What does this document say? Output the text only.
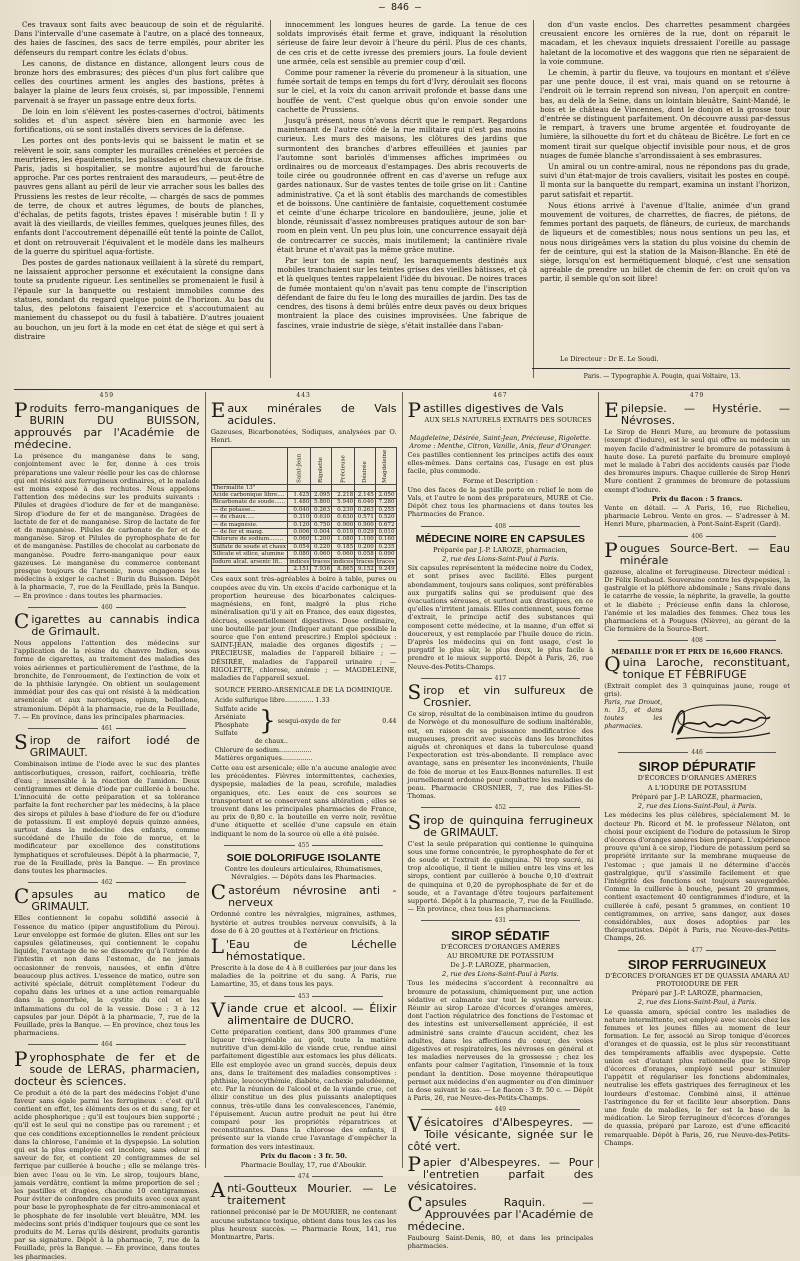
— 846 —

Ces travaux sont faits avec beaucoup de soin et de régularité. Dans l'intervalle d'une casemate à l'autre, on a placé des tonneaux, des haies de fascines, des sacs de terre empilés, pour abriter les défenseurs du rempart contre les éclats d'obus.

Les canons, de distance en distance, allongent leurs cous de bronze hors des embrasures; des pièces d'un plus fort calibre que celles des courtines arment les angles des bastions, prêtes à balayer la plaine de leurs feux croisés, si, par impossible, l'ennemi parvenait à se frayer un passage entre deux forts.

De loin en loin s'élèvent les postes-casernes d'octroi, bâtiments solides et d'un aspect sévère bien en harmonie avec les fortifications, où se sont installés divers services de la défense.

Les portes ont des ponts-levis qui se baissent le matin et se relèvent le soir, sans compter les murailles crénelées et percées de meurtrières, les épaulements, les palissades et les chevaux de frise. Paris, jadis si hospitalier, se montre aujourd'hui de farouche approche. Par ces portes rentraient des maraudeurs, — peut-être de pauvres gens allant au péril de leur vie arracher sous les balles des Prussiens les restes de leur récolte, — chargés de sacs de pommes de terre, de choux et autres légumes, de bouts de planches, d'échalas, de petits fagots, tristes épaves ! misérable butin ! Il y avait là des vieillards, de vieilles femmes, quelques jeunes filles, des enfants dont l'accoutrement dépenaillé eût tenté la pointe de Callot, et dont on retrouverait l'équivalent et le modèle dans les malheurs de la guerre du spirituel aqua-fortiste.

Des postes de gardes nationaux veillaient à la sûreté du rempart, ne laissaient approcher personne et exécutaient la consigne dans toute sa prudente rigueur. Les sentinelles se promenaient le fusil à l'épaule sur la banquette ou restaient immobiles comme des statues, sondant du regard quelque point de l'horizon. Au bas du talus, des pelotons faisaient l'exercice et s'accoutumaient au maniement du chassepot ou du fusil à tabatière. D'autres jouaient au bouchon, un jeu fort à la mode en cet état de siège et qui sert à distraire

innocemment les longues heures de garde. La tenue de ces soldats improvisés était ferme et grave, indiquant la résolution sérieuse de faire leur devoir à l'heure du péril. Plus de ces chants, de ces cris et de cette ivresse des premiers jours. La foule devient une armée, cela est sensible au premier coup d'œil.

Comme pour ramener la rêverie du promeneur à la situation, une fumée sortait de temps en temps du fort d'Ivry, déroulait ses flocons sur le ciel, et la voix du canon arrivait profonde et basse dans une bouffée de vent. C'est quelque obus qu'on envoie sonder une cachette de Prussiens.

Jusqu'à présent, nous n'avons décrit que le rempart. Regardons maintenant de l'autre côté de la rue militaire qui n'est pas moins curieux. Les murs des maisons, les clôtures des jardins que surmontent des branches d'arbres effeuillées et jaunies par l'automne sont bariolés d'immenses affiches imprimées ou ordinaires ou de morceaux d'estampages. Des abris recouverts de toile cirée ou goudronnée offrent en cas d'averse un refuge aux gardes nationaux. Sur de vastes tentes de toile grise on lit : Cantine administrative. Ça et là sont établis des marchands de comestibles et de boissons. Une cantinière de fantaisie, coquettement costumée et ceinte d'une écharpe tricolore en bandoulière, jeune, jolie et blonde, réunissait d'assez nombreuses pratiques autour de son bar-room en plein vent. Un peu plus loin, une concurrence essayait déjà de contrecarrer ce succès, mais inutilement; la cantinière rivale était brune et n'avait pas la même grâce mutine.

Par leur ton de sapin neuf, les baraquements destinés aux mobiles tranchaient sur les teintes grises des vieilles bâtisses, et çà et là quelques tentes rappelaient l'idée du bivouac. De noires traces de fumée montaient qu'on n'avait pas tenu compte de l'inscription défendant de faire du feu le long des murailles de jardin. Des tas de cendres, des tisons à demi brûlés entre deux pavés ou deux briques montraient la place des cuisines improvisées. Une fabrique de fascines, vraie industrie de siège, s'était installée dans l'aban-

don d'un vaste enclos. Des charrettes pesamment chargées creusaient encore les ornières de la rue, dont on réparait le macadam, et les chevaux inquiets dressaient l'oreille au passage haletant de la locomotive et des waggons que rien ne séparaient de la voie commune.

Le chemin, à partir du fleuve, va toujours en montant et s'élève par une pente douce, il est vrai, mais quand on se retourne à l'endroit où le terrain reprend son niveau, l'on aperçoit en contre-bas, au delà de la Seine, dans un lointain bleuâtre, Saint-Mandé, le bois et le château de Vincennes, dont le donjon et la grosse tour d'entrée se distinguent parfaitement. On découvre aussi par-dessus le rempart, à travers une brume argentée et foudroyante de lumière, la silhouette du fort et du château de Bicêtre. Le fort en ce moment tirait sur quelque objectif invisible pour nous, et de gros nuages de fumée blanche s'arrondissaient à ses embrasures.

Un amiral ou un contre-amiral, nous ne répondons pas du grade, suivi d'un état-major de trois cavaliers, visitait les postes en coupé. Il monta sur la banquette du rempart, examina un instant l'horizon, parut satisfait et repartit.

Nous étions arrivé à l'avenue d'Italie, animée d'un grand mouvement de voitures, de charrettes, de fiacres, de piétons, de femmes portant des paquets, de flâneurs, de curieux, de marchands de liqueurs et de comestibles; nous nous sentions un peu las, et nous nous dirigeâmes vers la station du plus voisine du chemin de fer de ceinture, qui est la station de la Maison-Blanche. En été de siège, lorsqu'on est hermétiquement bloqué, c'est une sensation agréable de prendre un billet de chemin de fer: on croit qu'on va partir, il semble qu'on soit libre!

Le Directeur : Dr E. Le Soudi.
Paris. — Typographie A. Pougin, quai Voltaire, 13.
459
Produits ferro-manganiques de BURIN DU BUISSON, approuvés par l'Académie de médecine.

La présence du manganèse dans le sang, conjointement avec le fer, donne à ces trois préparations une valeur réelle pour les cas de chlorose qui ont résisté aux ferrugineux ordinaires, et le malade est moins exposé à des rechutes. Nous appelons l'attention des médecins sur les produits suivants : Pilules et dragées d'iodure de fer et de manganèse. Sirop d'iodure de fer et de manganèse. Dragées de lactate de fer et de manganèse. Sirop de lactate de fer et de manganèse. Pilules de carbonate de fer et de manganèse. Sirop et Pilules de pyrophosphate de fer et de manganèse. Pastilles de chocolat au carbonate de manganèse. Poudre ferro-manganique pour eaux gazeuses. Le manganèse du commerce contenant presque toujours de l'arsenic, nous engageons les médecins à exiger le cachet : Burin du Buisson. Dépôt à la pharmacie, 7, rue de la Feuillade, près la Banque. — En province : dans toutes les pharmacies.

460
Cigarettes au cannabis indica de Grimault.

Nous appelons l'attention des médecins sur l'application de la résine du chanvre Indien, sous forme de cigarettes, au traitement des maladies des voies aériennes et particulièrement de l'asthme, de la bronchite, de l'enrouement, de l'extinction de voix et de la phthisie laryngée. On obtient un soulagement immédiat pour des cas qui ont résisté à la médication arsenicale et aux narcotiques, opium, belladone, stramonium. Dépôt à la pharmacie, rue de la Feuillade, 7. — En province, dans les principales pharmacies.

461
Sirop de raifort iodé de GRIMAULT.

Combinaison intime de l'iode avec le suc des plantes antiscorbutiques, cresson, raifort, cochlearia, trèfle d'eau ; insensible à la réaction de l'amidon. Deux centigrammes et demie d'iode par cuillerée à bouche. L'innocuité de cette préparation et sa tolérance parfaite la font rechercher par les médecins, à la place des sirops et pilules à base d'iodure de fer ou d'iodure de potassium. Il est employé depuis quinze années, surtout dans la médecine des enfants, comme succédané de l'huile de foie de morue, et le modificateur par excellence des constitutions lymphatiques et scrofuleuses. Dépôt à la pharmacie, 7, rue de la Feuillade, près la Banque. — En province dans toutes les pharmacies.

462
Capsules au matico de GRIMAULT.

Elles contiennent le copahu solidifié associé à l'essence du matico (piper angustifolium du Pérou). Leur enveloppe est formée de gluten. Elles ont sur les capsules gélatineuses, qui contiennent le copahu liquide, l'avantage de ne se dissoudre qu'à l'entrée de l'intestin et non dans l'estomac, de ne jamais occasionner de renvois, nausées, et enfin d'être beaucoup plus actives. L'essence de matico, outre son activité spéciale, détruit complètement l'odeur du copahu dans les urines et a une action remarquable dans la gonorrhée, la cystite du col et les inflammations du col de la vessie. Dose : 3 à 12 capsules par jour. Dépôt à la pharmacie, 7, rue de la Feuillade, près la Banque. — En province, chez tous les pharmaciens.

464
Pyrophosphate de fer et de soude de LERAS, pharmacien, docteur ès sciences.

Ce produit a été de la part des médecins l'objet d'une faveur sans égale parmi les ferrugineux : c'est qu'il contient en effet, les éléments des os et du sang, fer et acide phosphorique ; qu'il est toujours bien supporté ; qu'il est le seul qui ne constipe pas ou rarement ; et que ces conditions exceptionnelles le rendent précieux dans la chlorose, l'anémie et la dyspepsie. La solution qui est la plus employée est incolore, sans odeur ni saveur de fer, et contient 20 centigrammes de sel ferrique par cuillerée à bouche ; elle se mélange très-bien avec l'eau ou le vin. Le sirop, toujours blanc, jamais verdâtre, contient la même proportion de sel ; les pastilles et dragées, chacune 10 centigrammes. Pour éviter de confondre ces produits avec ceux ayant pour base le pyrophosphate de fer citro-ammoniacal et le phosphate de fer insoluble vert bleuâtre, MM. les médecins sont priés d'indiquer toujours que ce sont les produits de M. Leras qu'ils désirent, produits garantis par sa signature. Dépôt à la pharmacie, 7, rue de la Feuillade, près la Banque. — En province, dans toutes les pharmacies.

443
Eaux minérales de Vals acidules.

Gazeuses, Bicarbonatées, Sodiques, analysées par O. Henri.

	Saint-Jean	Rigolette	Précieuse	Désirée	Magdeleine
Thermalité 13°					
Acide carbonique libre....	1.425	2.095	2.218	2.145	2.050
Bicarbonate de soude......	1.480	5.800	5.940	6.040	7.280
— de potasse...	0.040	0.263	0.230	0.263	0.255
— de chaux.....	0.310	0.630	0.630	0.571	0.520
— de magnésie.	0.120	0.750	0.900	0.900	0.672
— de fer et mang.	0.006	0.004	0.010	0.029	0.010
Chlorure de sodium........	0.060	1.200	1.080	1.100	0.160
Sulfate de soude et chaux	0.054	0.220	0.185	0.200	0.235
Silicate et silice, alumine	0.080	0.060	0.060	0.058	0.090
Iodure alcal. arsenic lit..	indices	traces	indices	traces	traces
	2.151	7.936	8.865	9.152	9.249

Ces eaux sont très-agréables à boire à table, pures ou coupées avec du vin. Un excès d'acide carbonique et la proportion heureuse des bicarbonates calciques-magnésiens, en font, malgré la plus riche minéralisation qu'il y ait en France, des eaux digestes, décrues, essentiellement digestives. Dose ordinaire, une bouteille par jour. (Indiquer autant que possible la source que l'on entend prescrire.) Emploi spécieux : SAINT-JEAN, maladie des organes digestifs ; — PRÉCIEUSE, maladies de l'appareil biliaire ; — DÉSIRÉE, maladies de l'appareil urinaire ; — RIGOLETTE, chlorose, anémie ; — MAGDELEINE, maladies de l'appareil sexuel.

SOURCE FERRO-ARSENICALE DE LA DOMINIQUE.

Acide sulfurique libre.............. 1.33
Sulfate acide
Arséniate
Phosphate
Sulfate } sesqui-oxyde de fer	0.44
de chaux..
Chlorure de sodium................
Matières organiques...............

Cette eau est arsenicale; elle n'a aucune analogie avec les précédentes. Fièvres intermittentes, cachexies, dyspepsie, maladies de la peau, scrofule, maladies organiques, etc. Les eaux de ces sources se transportent et se conservent sans altération ; elles se trouvent dans les principales pharmacies de France, au prix de 0,80 c. la bouteille en verre noir, revêtue d'une étiquette et scellée d'une capsule en étain indiquant le nom de la source où elle a été puisée.

455
SOIE DOLORIFUGE ISOLANTE

Contre les douleurs articulaires, Rhumatismes, Névralgies. — Dépôts dans les Pharmacies.

Castoréum névrosine anti - nerveux

Ordonné contre les névralgies, migraines, asthmes, hystérie et autres troubles nerveux convulsifs, à la dose de 6 à 20 gouttes et à l'extérieur en frictions.

L 'Eau de Léchelle hémostatique.

Prescrite à la dose de 4 à 8 cuillerées par jour dans les maladies de la poitrine et du sang. A Paris, rue Lamartine, 35, et dans tous les pays.

453
Viande crue et alcool. — Élixir alimentaire de DUCRO.

Cette préparation contient, dans 300 grammes d'une liqueur très-agréable au goût, toute la matière nutritive d'un demi-kilo de viande crue, rendue ainsi parfaitement digestible aux estomacs les plus délicats. Elle est employée avec un grand succès, depuis deux ans, dans le traitement des maladies consomptives : phthisie, leucocythémie, diabète, cachexie paludéenne, etc. Par la réunion de l'alcool et de la viande crue, cet élixir constitue un des plus puissants analeptiques connus, très-utile dans les convalescences, l'anémie, l'épuisement. Aucun autre produit ne peut lui être comparé pour les propriétés réparatrices et reconstituantes. Dans la chlorose des enfants, il présente sur la viande crue l'avantage d'empêcher la formation des vers intestinaux.

Prix du flacon : 3 fr. 50.

Pharmacie Boullay, 17, rue d'Aboukir.

474
Anti-Goutteux Mourier. — Le traitement

rationnel préconisé par le Dr MOURIER, ne contenant aucune substance toxique, obtient dans tous les cas les plus heureux succès. — Pharmacie Roux, 141, rue Montmartre, Paris.

467
Pastilles digestives de Vals

AUX SELS NATURELS EXTRAITS DES SOURCES :

Magdeleine, Désirée, Saint-Jean, Précieuse, Rigolette. Arome : Menthe, Citron, Vanille, Anis, fleur d'Oranger.

Ces pastilles contiennent les principes actifs des eaux elles-mêmes. Dans certains cas, l'usage en est plus facile, plus commode.

Forme et Description :

Une des faces de la pastille porte en relief le nom de Vals, et l'autre le nom des préparateurs, MURE et Cie. Dépôt chez tous les pharmaciens et dans toutes les Pharmacies de France.

408
MÉDECINE NOIRE EN CAPSULES

Préparée par J.-P. LAROZE, pharmacien,

2, rue des Lions-Saint-Paul à Paris.

Six capsules représentent la médecine noire du Codex, et sont prises avec facilité. Elles purgent abondamment, toujours sans coliques, sont préférables aux purgatifs salins qui se produisent que des évacuations séreuses, et surtout aux drastiques, en ce qu'elles n'irritent jamais. Elles contiennent, sous forme d'extrait, le principe actif des substances qui composent cette médecine, et la manne, d'un effet si doucereux, y est remplacée par l'huile douce de ricin. D'après les médecins qui en font usage, c'est le purgatif le plus sûr, le plus doux, le plus facile à prendre et le mieux supporté. Dépôt à Paris, 26, rue Neuve-des-Petits-Champs.

417
Sirop et vin sulfureux de Crosnier.

Ce sirop, résultat de la combinaison intime du goudron de Norwège et du monosulfure de sodium inaltérable, est, en raison de sa puissance modificatrice des muqueuses, prescrit avec succès dans les bronchites aiguës et chroniques et dans la tuberculose quand l'expectoration est très-abondante. Il remplace avec avantage, sans en présenter les inconvénients, l'huile de foie de morue et les Eaux-Bonnes naturelles. Il est journellement ordonné pour combattre les maladies de peau. Pharmacie CROSNIER, 7, rue des Filles-St-Thomas.

452
Sirop de quinquina ferrugineux de GRIMAULT.

C'est la seule préparation qui contienne le quinquina sous une forme concentrée, le pyrophosphate de fer et de soude et l'extrait de quinquina. Ni trop sucré, ni trop alcoolique, il tient le milieu entre les vins et les sirops, contient par cuillerée à bouche 0,10 d'extrait de quinquina et 0,20 de pyrophosphate de fer et de soude, et a l'avantage d'être toujours parfaitement supporté. Dépôt à la pharmacie, 7, rue de la Feuillade. — En province, chez tous les pharmaciens.

431
SIROP SÉDATIF

D'ÉCORCES D'ORANGES AMÈRES

AU BROMURE DE POTASSIUM

De J.-P. LAROZE, pharmacien,

2, rue des Lions-Saint-Paul à Paris.

Tous les médecins s'accordent à reconnaître au bromure de potassium, chimiquement pur, une action sédative et calmante sur tout le système nerveux. Réunir au sirop Laroze d'écorces d'oranges amères, dont l'action régulatrice des fonctions de l'estomac et des intestins est universellement appréciée, il est administré sans crainte d'aucun accident, chez les adultes, dans les affections du cœur, des voies digestives et respiratoires, les névroses en général et les maladies nerveuses de la grossesse ; chez les enfants pour calmer l'agitation, l'insomnie et la toux pendant la dentition. Dose moyenne thérapeutique permet aux médecins d'en augmenter ou d'en diminuer la dose suivant le cas. — Le flacon : 3 fr. 50 c. — Dépôt à Paris, 26, rue Neuve-des-Petits-Champs.

449
Vésicatoires d'Albespeyres. — Toile vésicante, signée sur le côté vert.
Papier d'Albespeyres. — Pour l'entretien parfait des vésicatoires.
Capsules Raquin. — Approuvées par l'Académie de médecine.

Faubourg Saint-Denis, 80, et dans les principales pharmacies.

479
Epilepsie. — Hystérie. — Névroses.

Le Sirop de Henri Mure, au bromure de potassium (exempt d'iodure), est le seul qui offre au médecin un moyen facile d'administrer le bromure de potassium à haute dose. La pureté parfaite du bromure employé met le malade à l'abri des accidents causés par l'iode des bromures impurs. Chaque cuillerée de Sirop Henri Mure contient 2 grammes de bromure de potassium exempt d'iodure.

Prix du flacon : 5 francs.

Vente en détail. — A Paris, 16, rue Richelieu, pharmacie Lebrou. Vente en gros. — S'adresser à M. Henri Mure, pharmacien, à Pont-Saint-Esprit (Gard).

406
Pougues Source-Bert. — Eau minérale

gazeuse, alcaline et ferrugineuse. Directeur médical : Dr Félix Roubaud. Souveraine contre les dyspepsies, la gastralgie et la pléthore abdominale ; Sans rivale dans le catarrhe de vessie, la néphrite, la gravelle, la goutte et le diabète ; Précieuse enfin dans la chlorose, l'anémie et les maladies des femmes. Chez tous les pharmaciens et à Pougues (Nièvre), au gérant de la Cie fermière de la Source-Bert.

408

MÉDAILLE D'OR ET PRIX DE 16,600 FRANCS.

Quina Laroche, reconstituant, tonique ET FÉBRIFUGE

(Extrait complet des 3 quinquinas jaune, rouge et gris).

Paris, rue Drouot, n. 15, et dans toutes les pharmacies.
446
SIROP DÉPURATIF

D'ÉCORCES D'ORANGES AMÈRES

A L'IODURE DE POTASSIUM

Préparé par J.-P. LAROZE, pharmacien,

2, rue des Lions-Saint-Paul, à Paris.

Les médecins les plus célèbres, spécialement M. le docteur Ph. Ricord et M. le professeur Nélaton, ont choisi pour excipient de l'iodure de potassium le Sirop d'écorces d'oranges amères bien préparé. L'expérience prouve qu'uni à ce sirop, l'iodure de potassium perd sa propriété irritante sur la membrane muqueuse de l'estomac ; que jamais il ne détermine d'accès gastralgique, qu'il s'assimile facilement et que l'intégrité des fonctions est toujours sauvegardée. Comme la cuillerée à bouche, pesant 20 grammes, contient exactement 40 centigrammes d'iodure, et la cuillerée à café, pesant 5 grammes, en contient 10 centigrammes, on arrive, sans danger, aux doses considérables, aux doses adoptées par les thérapeutistes. Dépôt à Paris, rue Neuve-des-Petits-Champs, 26.

477
SIROP FERRUGINEUX

D'ÉCORCES D'ORANGES ET DE QUASSIA AMARA AU PROTOIODURE DE FER

Préparé par J.-P. LAROZE, pharmacien,

2, rue des Lions-Saint-Paul, à Paris.

Le quassia amara, spécial contre les maladies de nature intermittente, est employé avec succès chez les femmes et les jeunes filles au moment de leur formation. Le fer, associé au Sirop tonique d'écorces d'oranges et de quassia, est le plus sûr reconstituant des tempéraments affaiblis avec dyspepsie. Cette union est d'autant plus rationnelle que le Sirop d'écorces d'oranges, employé seul pour stimuler l'appétit et régulariser les fonctions abdominales, neutralise les effets gastriques des ferrugineux et les lourdeurs d'estomac. Combiné ainsi, il atténue l'astringence du fer et facilite leur absorption. Dans une foule de maladies, le fer est la base de la médication. Le Sirop ferrugineux d'écorces d'oranges de quassia, préparé par Laroze, est d'une efficacité remarquable. Dépôt à Paris, 26, rue Neuve-des-Petits-Champs.
